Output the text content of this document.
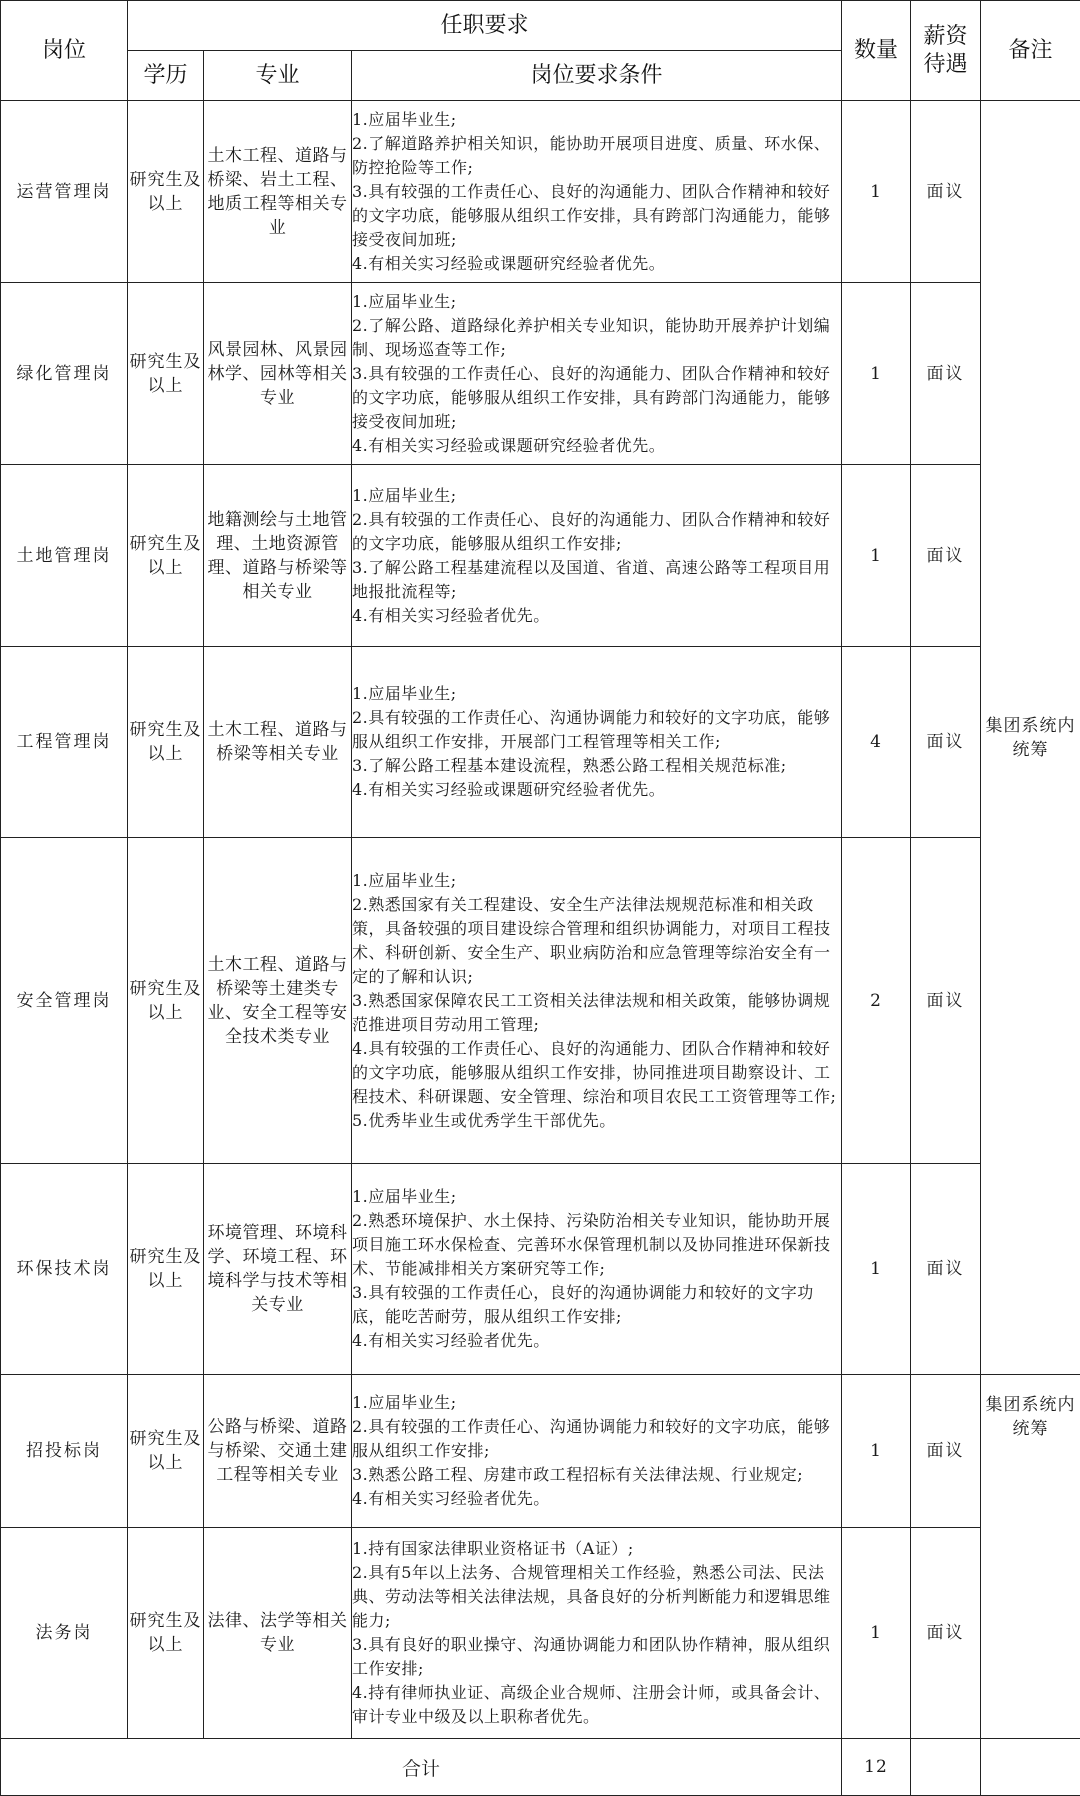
岗位	任职要求			数量	薪资待遇	备注
	学历	专业	岗位要求条件			
运营管理岗	研究生及以上	土木工程、道路与桥梁、岩土工程、地质工程等相关专业	1.应届毕业生;
2.了解道路养护相关知识，能协助开展项目进度、质量、环水保、防控抢险等工作;
3.具有较强的工作责任心、良好的沟通能力、团队合作精神和较好的文字功底，能够服从组织工作安排，具有跨部门沟通能力，能够接受夜间加班;
4.有相关实习经验或课题研究经验者优先。	1	面议	集团系统内统筹
绿化管理岗	研究生及以上	风景园林、风景园林学、园林等相关专业	1.应届毕业生;
2.了解公路、道路绿化养护相关专业知识，能协助开展养护计划编制、现场巡查等工作;
3.具有较强的工作责任心、良好的沟通能力、团队合作精神和较好的文字功底，能够服从组织工作安排，具有跨部门沟通能力，能够接受夜间加班;
4.有相关实习经验或课题研究经验者优先。	1	面议	
土地管理岗	研究生及以上	地籍测绘与土地管理、土地资源管理、道路与桥梁等相关专业	1.应届毕业生;
2.具有较强的工作责任心、良好的沟通能力、团队合作精神和较好的文字功底，能够服从组织工作安排;
3.了解公路工程基建流程以及国道、省道、高速公路等工程项目用地报批流程等;
4.有相关实习经验者优先。	1	面议	
工程管理岗	研究生及以上	土木工程、道路与桥梁等相关专业	1.应届毕业生;
2.具有较强的工作责任心、沟通协调能力和较好的文字功底，能够服从组织工作安排，开展部门工程管理等相关工作;
3.了解公路工程基本建设流程，熟悉公路工程相关规范标准;
4.有相关实习经验或课题研究经验者优先。	4	面议	
安全管理岗	研究生及以上	土木工程、道路与桥梁等土建类专业、安全工程等安全技术类专业	1.应届毕业生;
2.熟悉国家有关工程建设、安全生产法律法规规范标准和相关政策，具备较强的项目建设综合管理和组织协调能力，对项目工程技术、科研创新、安全生产、职业病防治和应急管理等综治安全有一定的了解和认识;
3.熟悉国家保障农民工工资相关法律法规和相关政策，能够协调规范推进项目劳动用工管理;
4.具有较强的工作责任心、良好的沟通能力、团队合作精神和较好的文字功底，能够服从组织工作安排，协同推进项目勘察设计、工程技术、科研课题、安全管理、综治和项目农民工工资管理等工作;
5.优秀毕业生或优秀学生干部优先。	2	面议	
环保技术岗	研究生及以上	环境管理、环境科学、环境工程、环境科学与技术等相关专业	1.应届毕业生;
2.熟悉环境保护、水土保持、污染防治相关专业知识，能协助开展项目施工环水保检查、完善环水保管理机制以及协同推进环保新技术、节能减排相关方案研究等工作;
3.具有较强的工作责任心，良好的沟通协调能力和较好的文字功底，能吃苦耐劳，服从组织工作安排;
4.有相关实习经验者优先。	1	面议	
招投标岗	研究生及以上	公路与桥梁、道路与桥梁、交通土建工程等相关专业	1.应届毕业生;
2.具有较强的工作责任心、沟通协调能力和较好的文字功底，能够服从组织工作安排;
3.熟悉公路工程、房建市政工程招标有关法律法规、行业规定;
4.有相关实习经验者优先。	1	面议	集团系统内统筹
法务岗	研究生及以上	法律、法学等相关专业	1.持有国家法律职业资格证书（A证）;
2.具有5年以上法务、合规管理相关工作经验，熟悉公司法、民法典、劳动法等相关法律法规，具备良好的分析判断能力和逻辑思维能力;
3.具有良好的职业操守、沟通协调能力和团队协作精神，服从组织工作安排;
4.持有律师执业证、高级企业合规师、注册会计师，或具备会计、审计专业中级及以上职称者优先。	1	面议	
合计				12		
